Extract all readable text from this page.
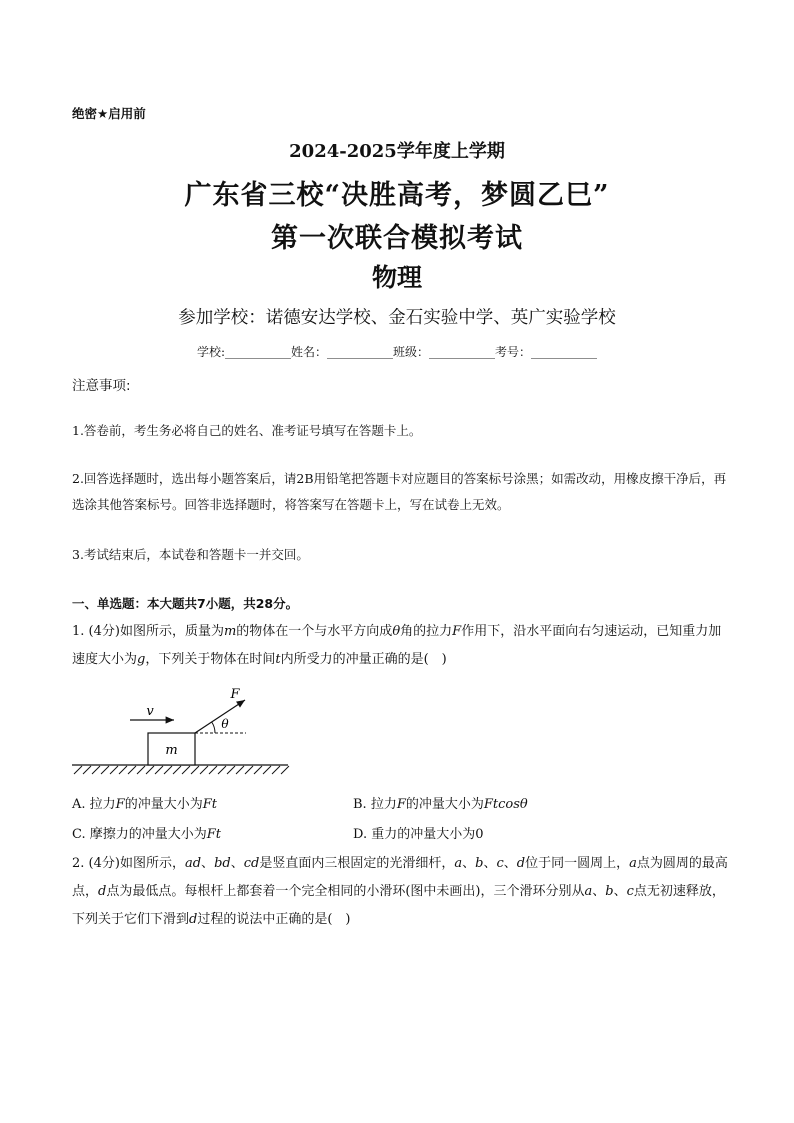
绝密★启用前
2024-2025学年度上学期
广东省三校“决胜高考，梦圆乙巳”
第一次联合模拟考试
物理
参加学校：诺德安达学校、金石实验中学、英广实验学校
学校:___________姓名：___________班级：___________考号：___________
注意事项:
1.答卷前，考生务必将自己的姓名、准考证号填写在答题卡上。
2.回答选择题时，选出每小题答案后，请2B用铅笔把答题卡对应题目的答案标号涂黑；如需改动，用橡皮擦干净后，再选涂其他答案标号。回答非选择题时，将答案写在答题卡上，写在试卷上无效。
3.考试结束后，本试卷和答题卡一并交回。
一、单选题：本大题共7小题，共28分。
1. (4分)如图所示，质量为m的物体在一个与水平方向成θ角的拉力F作用下，沿水平面向右匀速运动，已知重力加速度大小为g，下列关于物体在时间t内所受力的冲量正确的是(　)
m
v
F
θ
A. 拉力F的冲量大小为Ft	B. 拉力F的冲量大小为Ftcosθ
C. 摩擦力的冲量大小为Ft	D. 重力的冲量大小为0
2. (4分)如图所示，ad、bd、cd是竖直面内三根固定的光滑细杆，a、b、c、d位于同一圆周上，a点为圆周的最高点，d点为最低点。每根杆上都套着一个完全相同的小滑环(图中未画出)，三个滑环分别从a、b、c点无初速释放，下列关于它们下滑到d过程的说法中正确的是(　)
